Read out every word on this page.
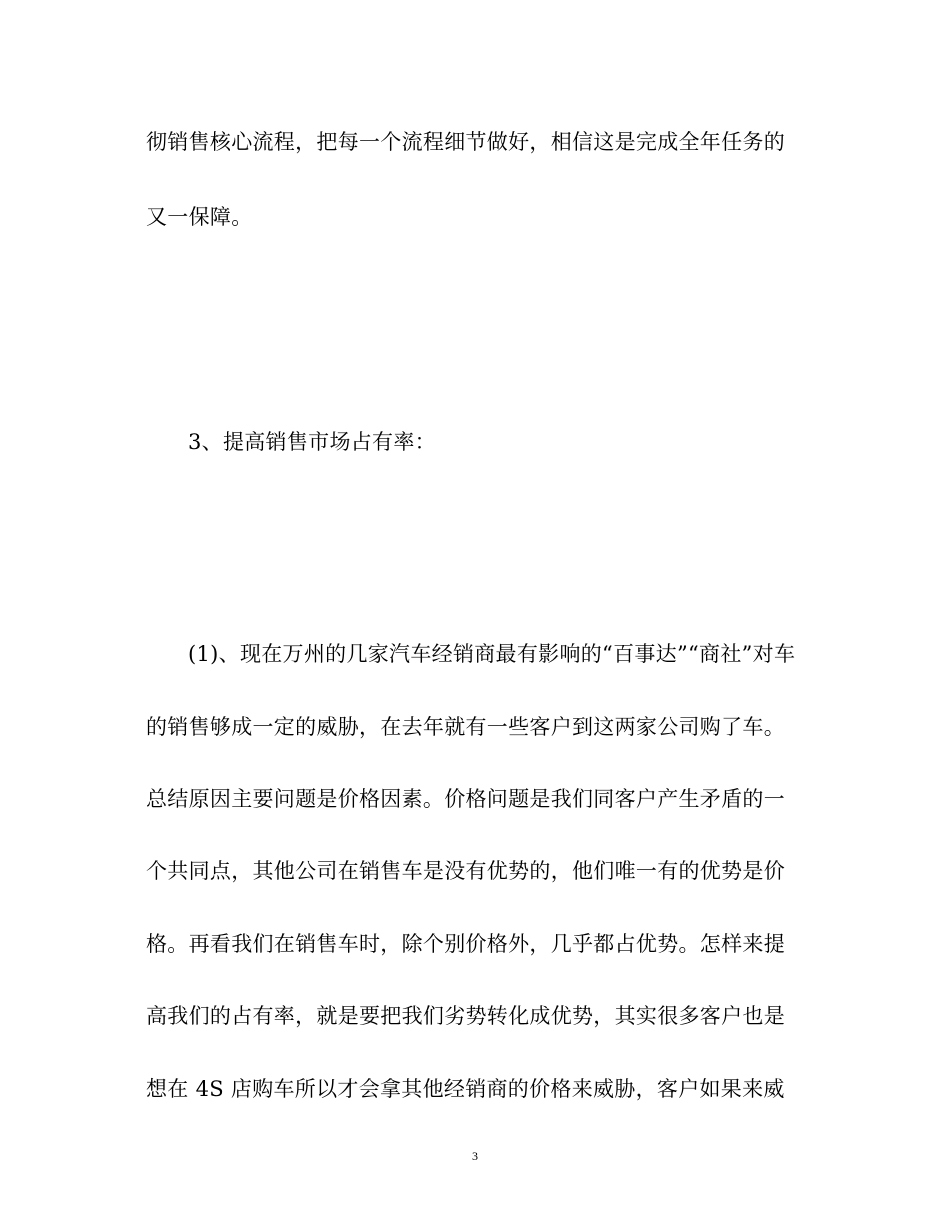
彻销售核心流程，把每一个流程细节做好，相信这是完成全年任务的
又一保障。
3、提高销售市场占有率：
(1)、现在万州的几家汽车经销商最有影响的“百事达”“商社”对车
的销售够成一定的威胁，在去年就有一些客户到这两家公司购了车。
总结原因主要问题是价格因素。价格问题是我们同客户产生矛盾的一
个共同点，其他公司在销售车是没有优势的，他们唯一有的优势是价
格。再看我们在销售车时，除个别价格外，几乎都占优势。怎样来提
高我们的占有率，就是要把我们劣势转化成优势，其实很多客户也是
想在 4S 店购车所以才会拿其他经销商的价格来威胁，客户如果来威
3
